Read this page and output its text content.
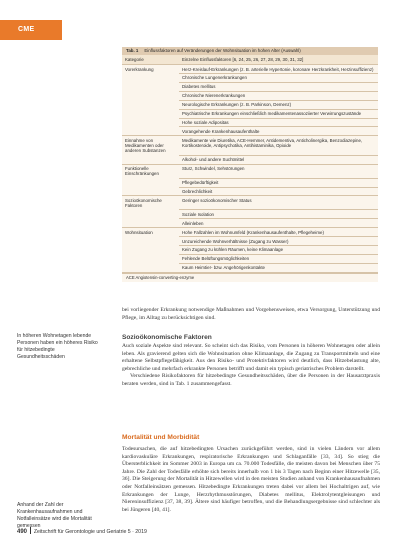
CME
Tab. 1 Einflussfaktoren auf Veränderungen der Wohnsituation im hohen Alter (Auswahl)
Kategorie	Einzelne Einflussfaktoren [6, 24, 25, 26, 27, 28, 29, 30, 31, 32]
Vorerkrankung	Herz-Kreislauf-Erkrankungen (z. B. arterielle Hypertonie, koronare Herzkrankheit, Herzinsuffizienz)
	Chronische Lungenerkrankungen
	Diabetes mellitus
	Chronische Nierenerkrankungen
	Neurologische Erkrankungen (z. B. Parkinson, Demenz)
	Psychiatrische Erkrankungen einschließlich medikamentenassoziierter Verwirrungszustände
	Hohe soziale Adipositas
	Vorangehende Krankenhausaufenthalte
Einnahme von Medikamenten oder anderen Substanzen	Medikamente wie Diuretika, ACE-Hemmer, Antidementiva, Anticholinergika, Benzodiazepine, Kortikosteroide, Antipsychotika, Antihistaminika, Opioide
	Alkohol- und andere Suchtmittel
Funktionelle Einschränkungen	Sturz, Schwindel, Sehstörungen
	Pflegebedürftigkeit
	Gebrechlichkeit
Sozioökonomische Faktoren	Geringer sozioökonomischer Status
	Soziale Isolation
	Alleinleben
Wohnsituation	Hohe Fallzahlen im Wohnumfeld (Krankenhausaufenthalte, Pflegeheime)
	Unzureichende Wohnverhältnisse (Zugang zu Wasser)
	Kein Zugang zu kühlen Räumen, keine Klimaanlage
	Fehlende Belüftungsmöglichkeiten
	Kaum Heimtier- bzw. Angehörigenkontakte
ACE Angiotensin-converting-enzyme

bei vorliegender Erkrankung notwendige Maßnahmen und Vorgehensweisen, etwa Versorgung, Unterstützung und Pflege, im Alltag zu berücksichtigen sind.

Sozioökonomische Faktoren

Auch soziale Aspekte sind relevant. So scheint sich das Risiko, vom Personen in höheren Wohnetagen oder allein leben. Als gravierend gelten sich die Wohnsituation ohne Klimaanlage, die Zugang zu Transportmitteln und eine erhaltene Selbstpflegefähigkeit. Aus den Risiko- und Protektivfaktoren wird deutlich, dass Hitzebelastung alte, gebrechliche und mehrfach erkrankte Personen betrifft und damit ein typisch geriatrisches Problem darstellt.

Verschiedene Risikofaktoren für hitzebedingte Gesundheitsschäden, über die Personen in der Hausarztpraxis beraten werden, sind in Tab. 1 zusammengefasst.

Mortalität und Morbidität

Todesursachen, die auf hitzebedingten Ursachen zurückgeführt werden, sind in vielen Ländern vor allem kardiovaskuläre Erkrankungen, respiratorische Erkrankungen und Schlaganfälle [33, 34]. So stieg die Übersterblichkeit im Sommer 2003 in Europa um ca. 70.000 Todesfälle, die meisten davon bei Menschen über 75 Jahre. Die Zahl der Todesfälle erhöhte sich bereits innerhalb von 1 bis 3 Tagen nach Beginn einer Hitzewelle [35, 36]. Die Steigerung der Mortalität in Hitzewellen wird in den meisten Studien anhand von Krankenhausaufnahmen oder Notfalleinsätzen gemessen. Hitzebedingte Erkrankungen treten dabei vor allem bei Hochaltrigen auf, wie Erkrankungen der Lunge, Herzrhythmusstörungen, Diabetes mellitus, Elektrolytentgleisungen und Niereninsuffizienz [37, 38, 39]. Ältere sind häufiger betroffen, und die Behandlungsergebnisse sind schlechter als bei Jüngeren [40, 41].

In höheren Wohnetagen lebende Personen haben ein höheres Risiko für hitzebedingte Gesundheitsschäden
Anhand der Zahl der Krankenhausaufnahmen und Notfalleinsätze wird die Mortalität gemessen
490 Zeitschrift für Gerontologie und Geriatrie 5 · 2019
